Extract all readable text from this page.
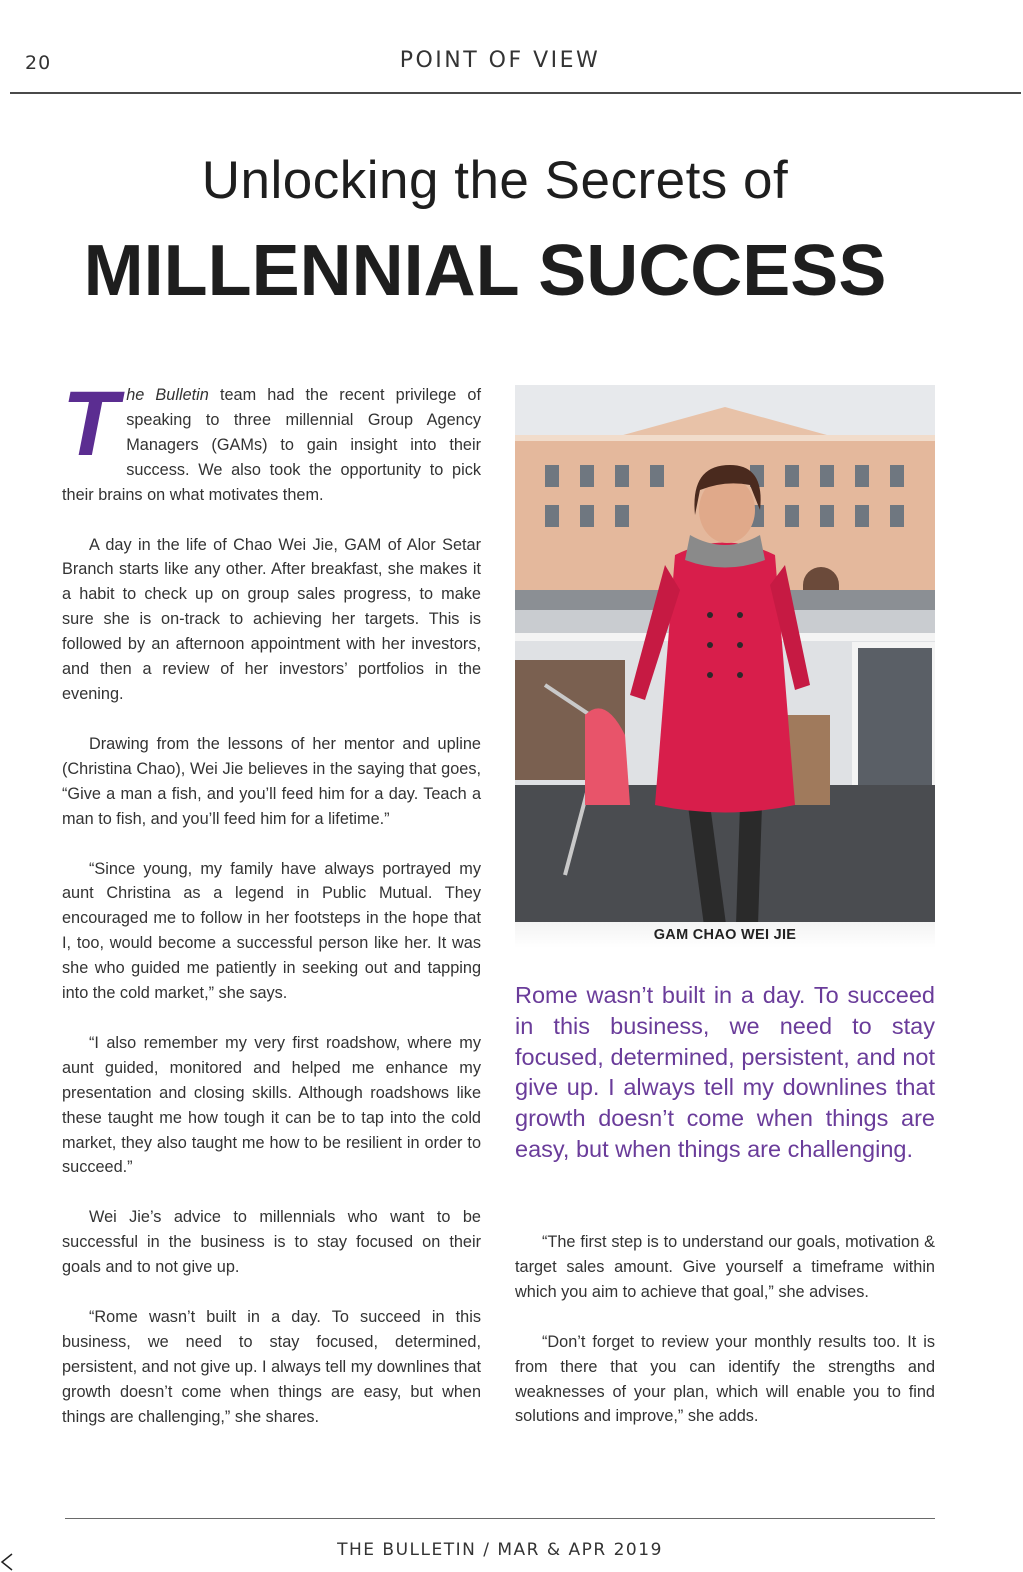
20	POINT OF VIEW
Unlocking the Secrets of
MILLENNIAL SUCCESS

The Bulletin team had the recent privilege of speaking to three millennial Group Agency Managers (GAMs) to gain insight into their success. We also took the opportunity to pick their brains on what motivates them.

A day in the life of Chao Wei Jie, GAM of Alor Setar Branch starts like any other. After breakfast, she makes it a habit to check up on group sales progress, to make sure she is on-track to achieving her targets. This is followed by an afternoon appointment with her investors, and then a review of her investors’ portfolios in the evening.

Drawing from the lessons of her mentor and upline (Christina Chao), Wei Jie believes in the saying that goes, “Give a man a fish, and you’ll feed him for a day. Teach a man to fish, and you’ll feed him for a lifetime.”

“Since young, my family have always portrayed my aunt Christina as a legend in Public Mutual. They encouraged me to follow in her footsteps in the hope that I, too, would become a successful person like her. It was she who guided me patiently in seeking out and tapping into the cold market,” she says.

“I also remember my very first roadshow, where my aunt guided, monitored and helped me enhance my presentation and closing skills. Although roadshows like these taught me how tough it can be to tap into the cold market, they also taught me how to be resilient in order to succeed.”

Wei Jie’s advice to millennials who want to be successful in the business is to stay focused on their goals and to not give up.

“Rome wasn’t built in a day. To succeed in this business, we need to stay focused, determined, persistent, and not give up. I always tell my downlines that growth doesn’t come when things are easy, but when things are challenging,” she shares.

GAM CHAO WEI JIE
Rome wasn’t built in a day. To succeed in this business, we need to stay focused, determined, persistent, and not give up. I always tell my downlines that growth doesn’t come when things are easy, but when things are challenging.

“The first step is to understand our goals, motivation & target sales amount. Give yourself a timeframe within which you aim to achieve that goal,” she advises.

“Don’t forget to review your monthly results too. It is from there that you can identify the strengths and weaknesses of your plan, which will enable you to find solutions and improve,” she adds.

THE BULLETIN / MAR & APR 2019
